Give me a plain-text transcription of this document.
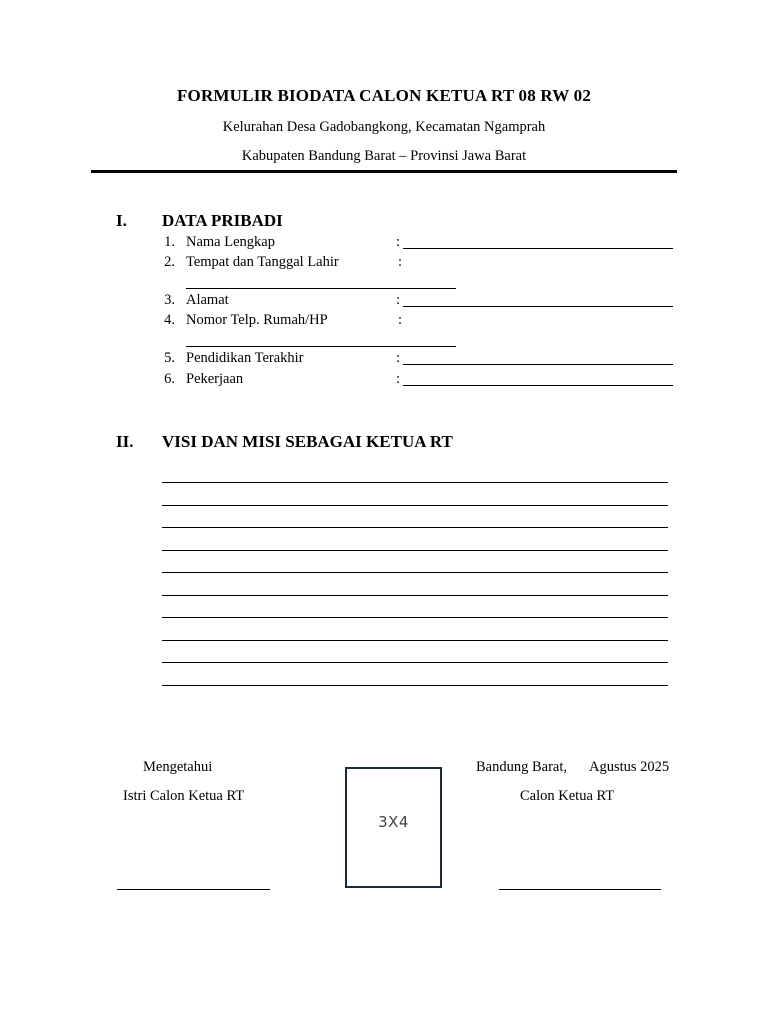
FORMULIR BIODATA CALON KETUA RT 08 RW 02
Kelurahan Desa Gadobangkong, Kecamatan Ngamprah
Kabupaten Bandung Barat – Provinsi Jawa Barat
I. DATA PRIBADI
1. Nama Lengkap	:
2. Tempat dan Tanggal Lahir	:
3. Alamat	:
4. Nomor Telp. Rumah/HP	:
5. Pendidikan Terakhir	:
6. Pekerjaan	:
II. VISI DAN MISI SEBAGAI KETUA RT
Mengetahui
Istri Calon Ketua RT
3X4
Bandung Barat, Agustus 2025
Calon Ketua RT
